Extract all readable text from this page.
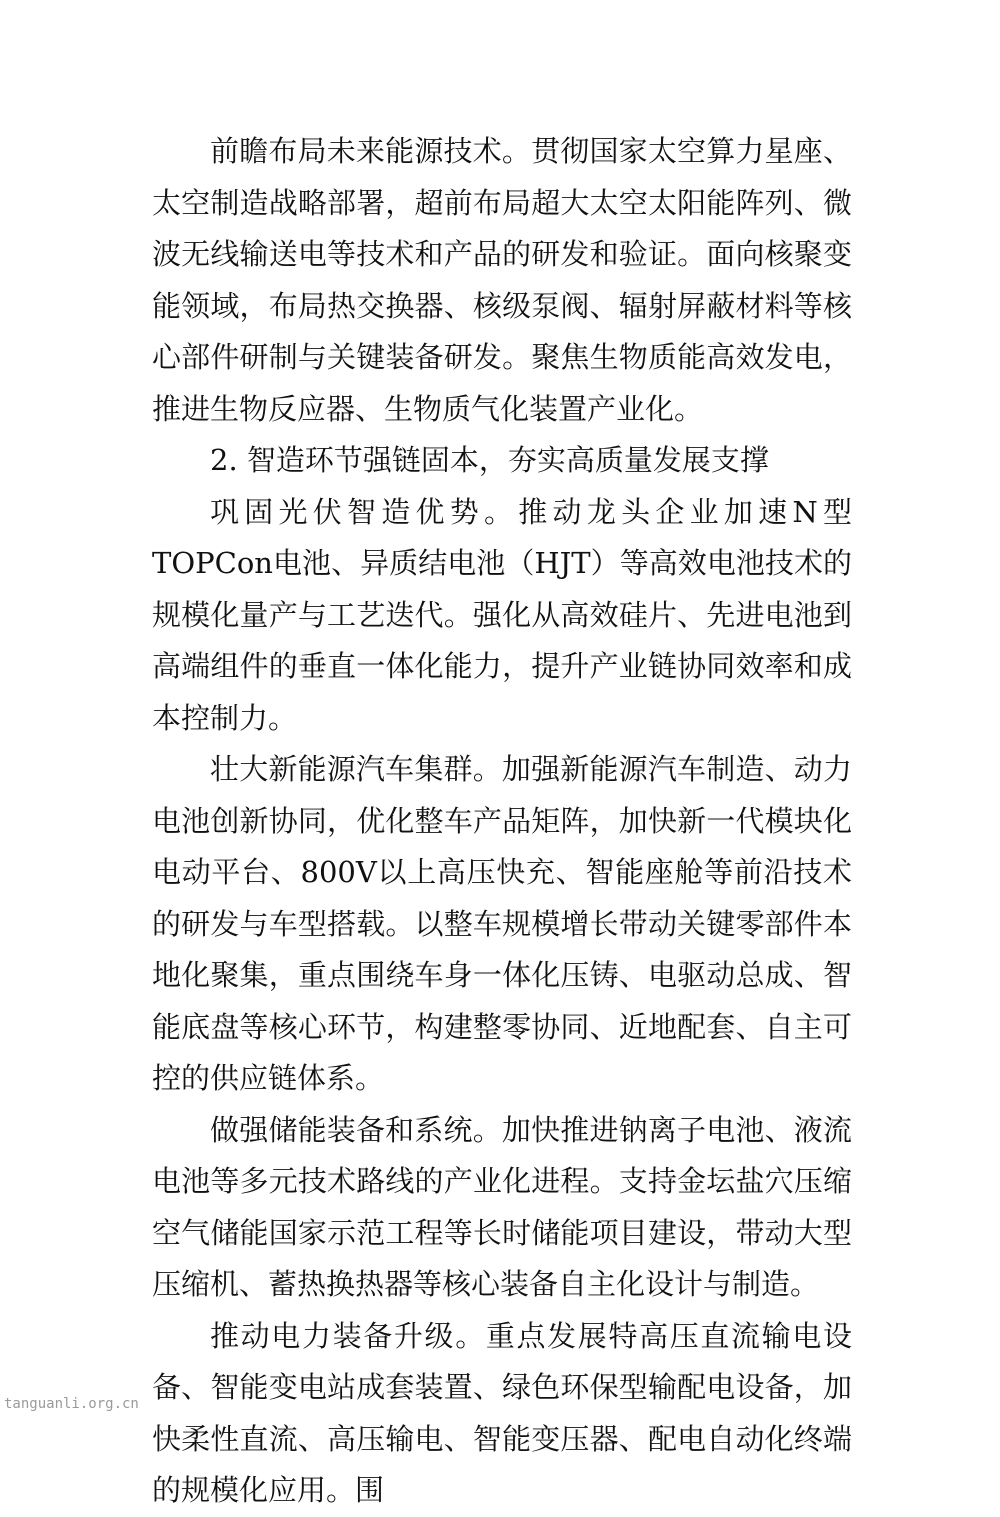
前瞻布局未来能源技术。贯彻国家太空算力星座、太空制造战略部署，超前布局超大太空太阳能阵列、微波无线输送电等技术和产品的研发和验证。面向核聚变能领域，布局热交换器、核级泵阀、辐射屏蔽材料等核心部件研制与关键装备研发。聚焦生物质能高效发电，推进生物反应器、生物质气化装置产业化。

2. 智造环节强链固本，夯实高质量发展支撑

巩固光伏智造优势。推动龙头企业加速N型TOPCon电池、异质结电池（HJT）等高效电池技术的规模化量产与工艺迭代。强化从高效硅片、先进电池到高端组件的垂直一体化能力，提升产业链协同效率和成本控制力。

壮大新能源汽车集群。加强新能源汽车制造、动力电池创新协同，优化整车产品矩阵，加快新一代模块化电动平台、800V以上高压快充、智能座舱等前沿技术的研发与车型搭载。以整车规模增长带动关键零部件本地化聚集，重点围绕车身一体化压铸、电驱动总成、智能底盘等核心环节，构建整零协同、近地配套、自主可控的供应链体系。

做强储能装备和系统。加快推进钠离子电池、液流电池等多元技术路线的产业化进程。支持金坛盐穴压缩空气储能国家示范工程等长时储能项目建设，带动大型压缩机、蓄热换热器等核心装备自主化设计与制造。

推动电力装备升级。重点发展特高压直流输电设备、智能变电站成套装置、绿色环保型输配电设备，加快柔性直流、高压输电、智能变压器、配电自动化终端的规模化应用。围

tanguanli.org.cn
